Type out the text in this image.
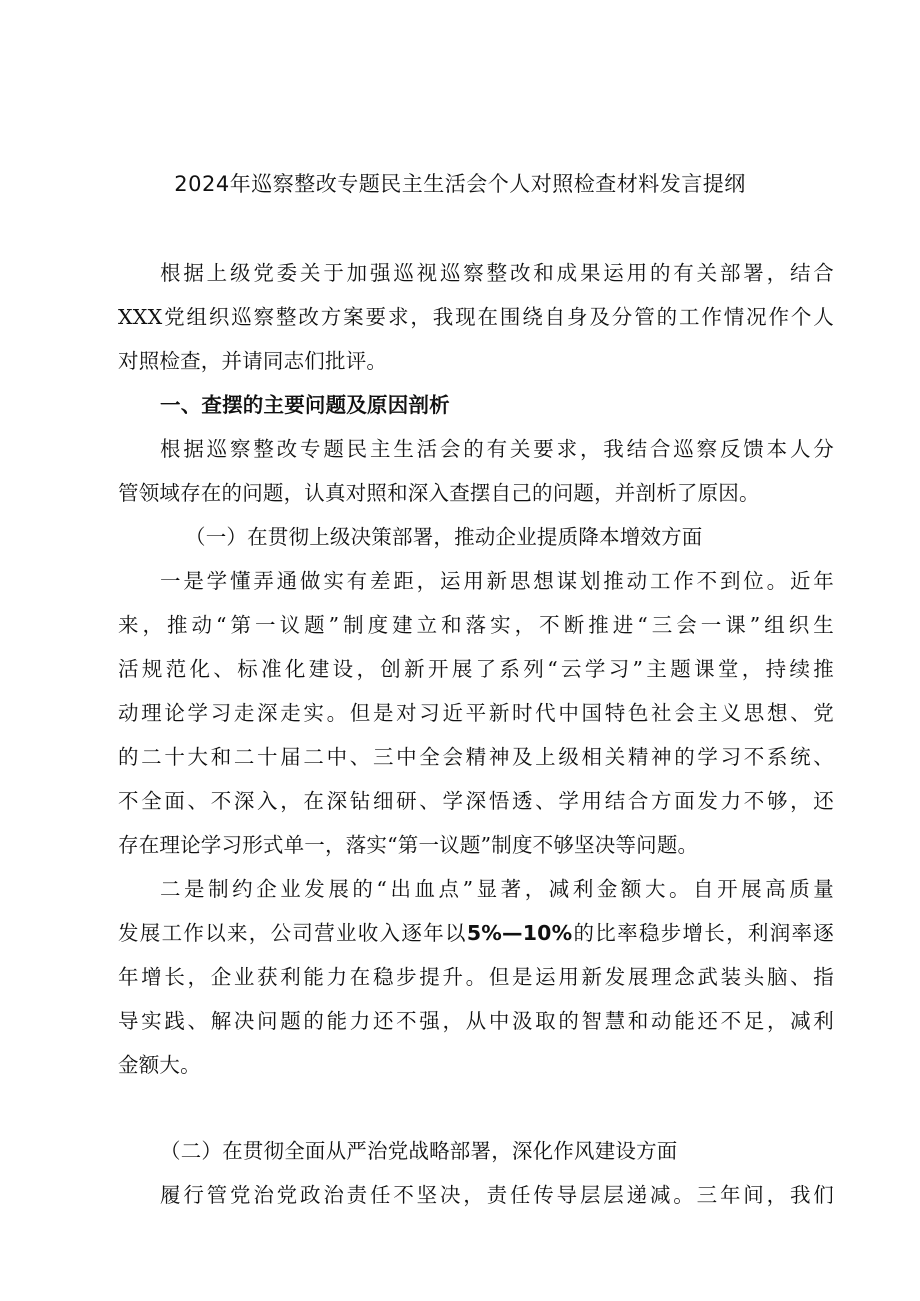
2024年巡察整改专题民主生活会个人对照检查材料发言提纲
根据上级党委关于加强巡视巡察整改和成果运用的有关部署，结合
XXX党组织巡察整改方案要求，我现在围绕自身及分管的工作情况作个人
对照检查，并请同志们批评。
一、查摆的主要问题及原因剖析
根据巡察整改专题民主生活会的有关要求，我结合巡察反馈本人分
管领域存在的问题，认真对照和深入查摆自己的问题，并剖析了原因。
（一）在贯彻上级决策部署，推动企业提质降本增效方面
一是学懂弄通做实有差距，运用新思想谋划推动工作不到位。近年
来，推动“第一议题”制度建立和落实，不断推进“三会一课”组织生
活规范化、标准化建设，创新开展了系列“云学习”主题课堂，持续推
动理论学习走深走实。但是对习近平新时代中国特色社会主义思想、党
的二十大和二十届二中、三中全会精神及上级相关精神的学习不系统、
不全面、不深入，在深钻细研、学深悟透、学用结合方面发力不够，还
存在理论学习形式单一，落实“第一议题”制度不够坚决等问题。
二是制约企业发展的“出血点”显著，减利金额大。自开展高质量
发展工作以来，公司营业收入逐年以5%—10%的比率稳步增长，利润率逐
年增长，企业获利能力在稳步提升。但是运用新发展理念武装头脑、指
导实践、解决问题的能力还不强，从中汲取的智慧和动能还不足，减利
金额大。
（二）在贯彻全面从严治党战略部署，深化作风建设方面
履行管党治党政治责任不坚决，责任传导层层递减。三年间，我们
